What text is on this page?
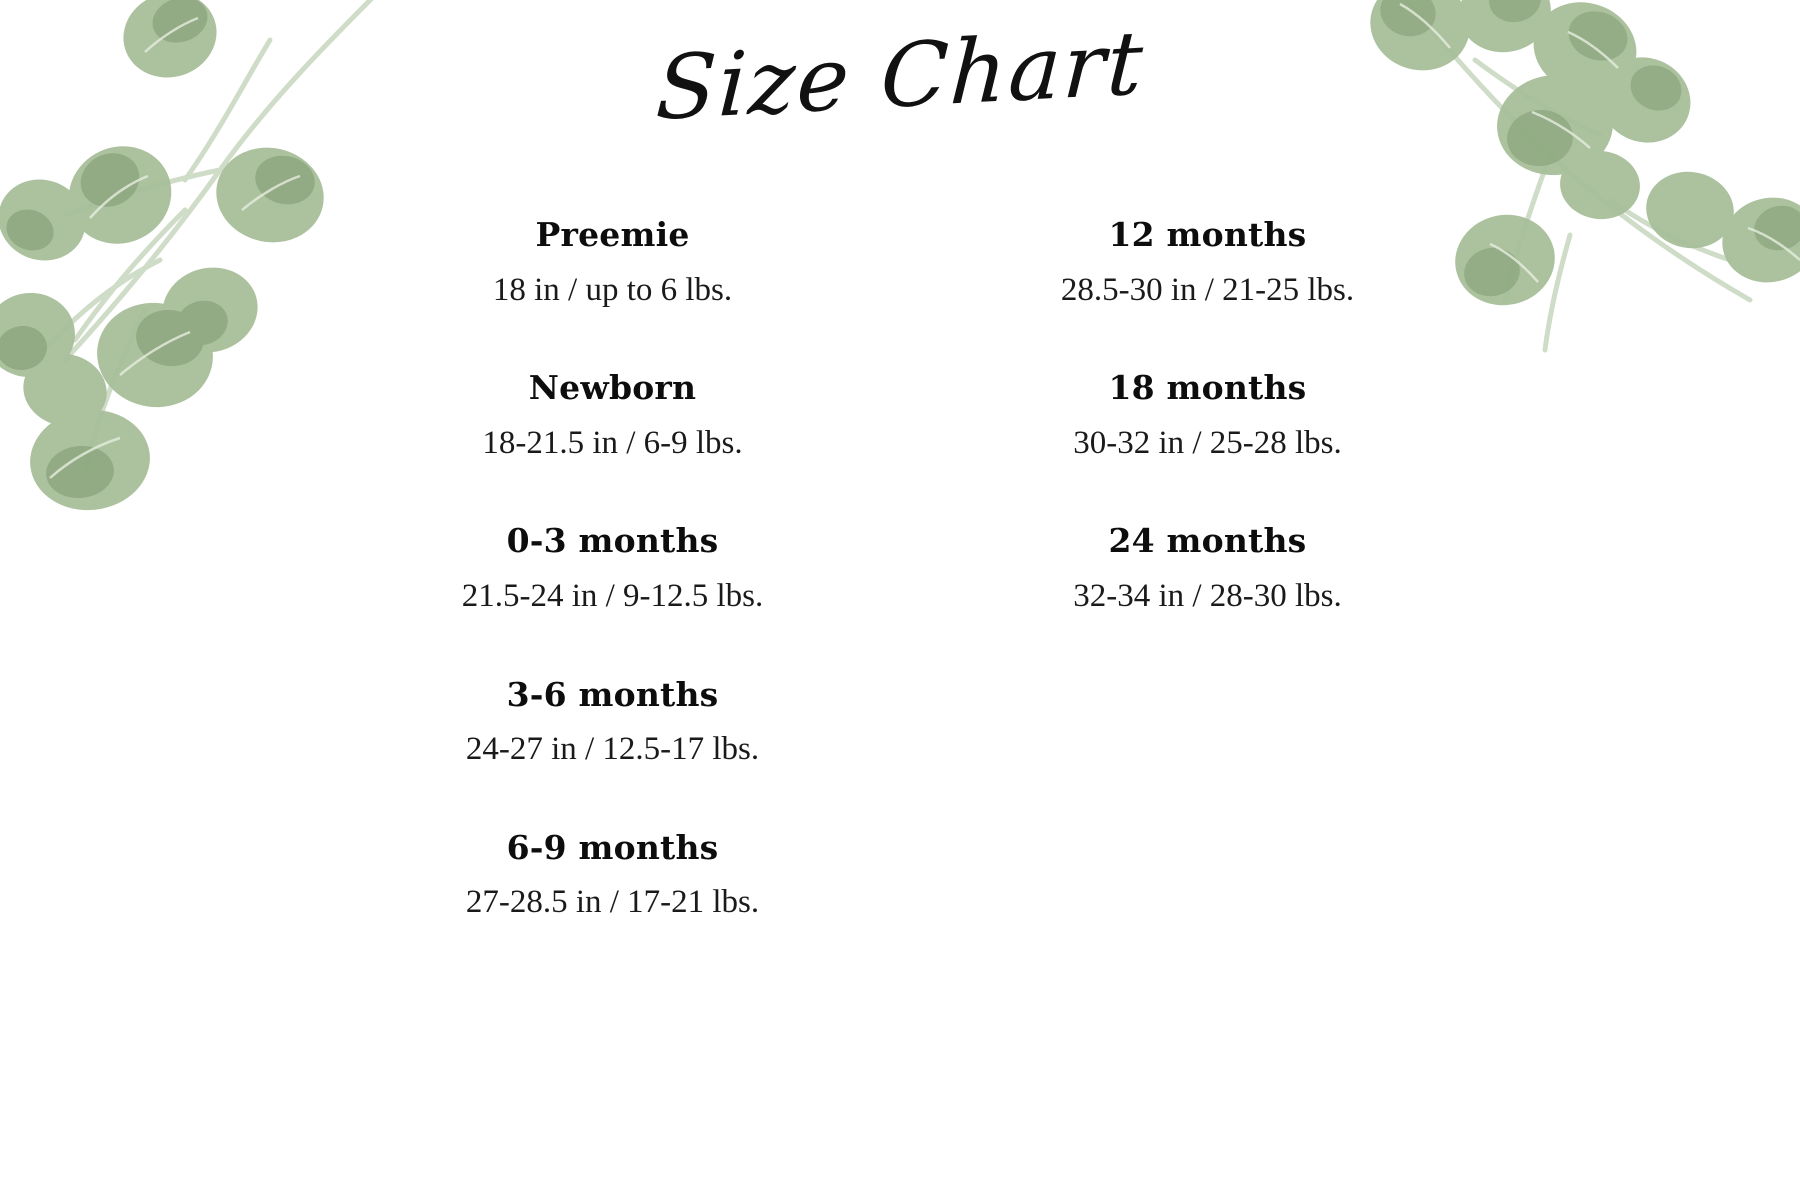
Size Chart
Preemie
18 in / up to 6 lbs.
Newborn
18-21.5 in / 6-9 lbs.
0-3 months
21.5-24 in / 9-12.5 lbs.
3-6 months
24-27 in / 12.5-17 lbs.
6-9 months
27-28.5 in / 17-21 lbs.
12 months
28.5-30 in / 21-25 lbs.
18 months
30-32 in / 25-28 lbs.
24 months
32-34 in / 28-30 lbs.
